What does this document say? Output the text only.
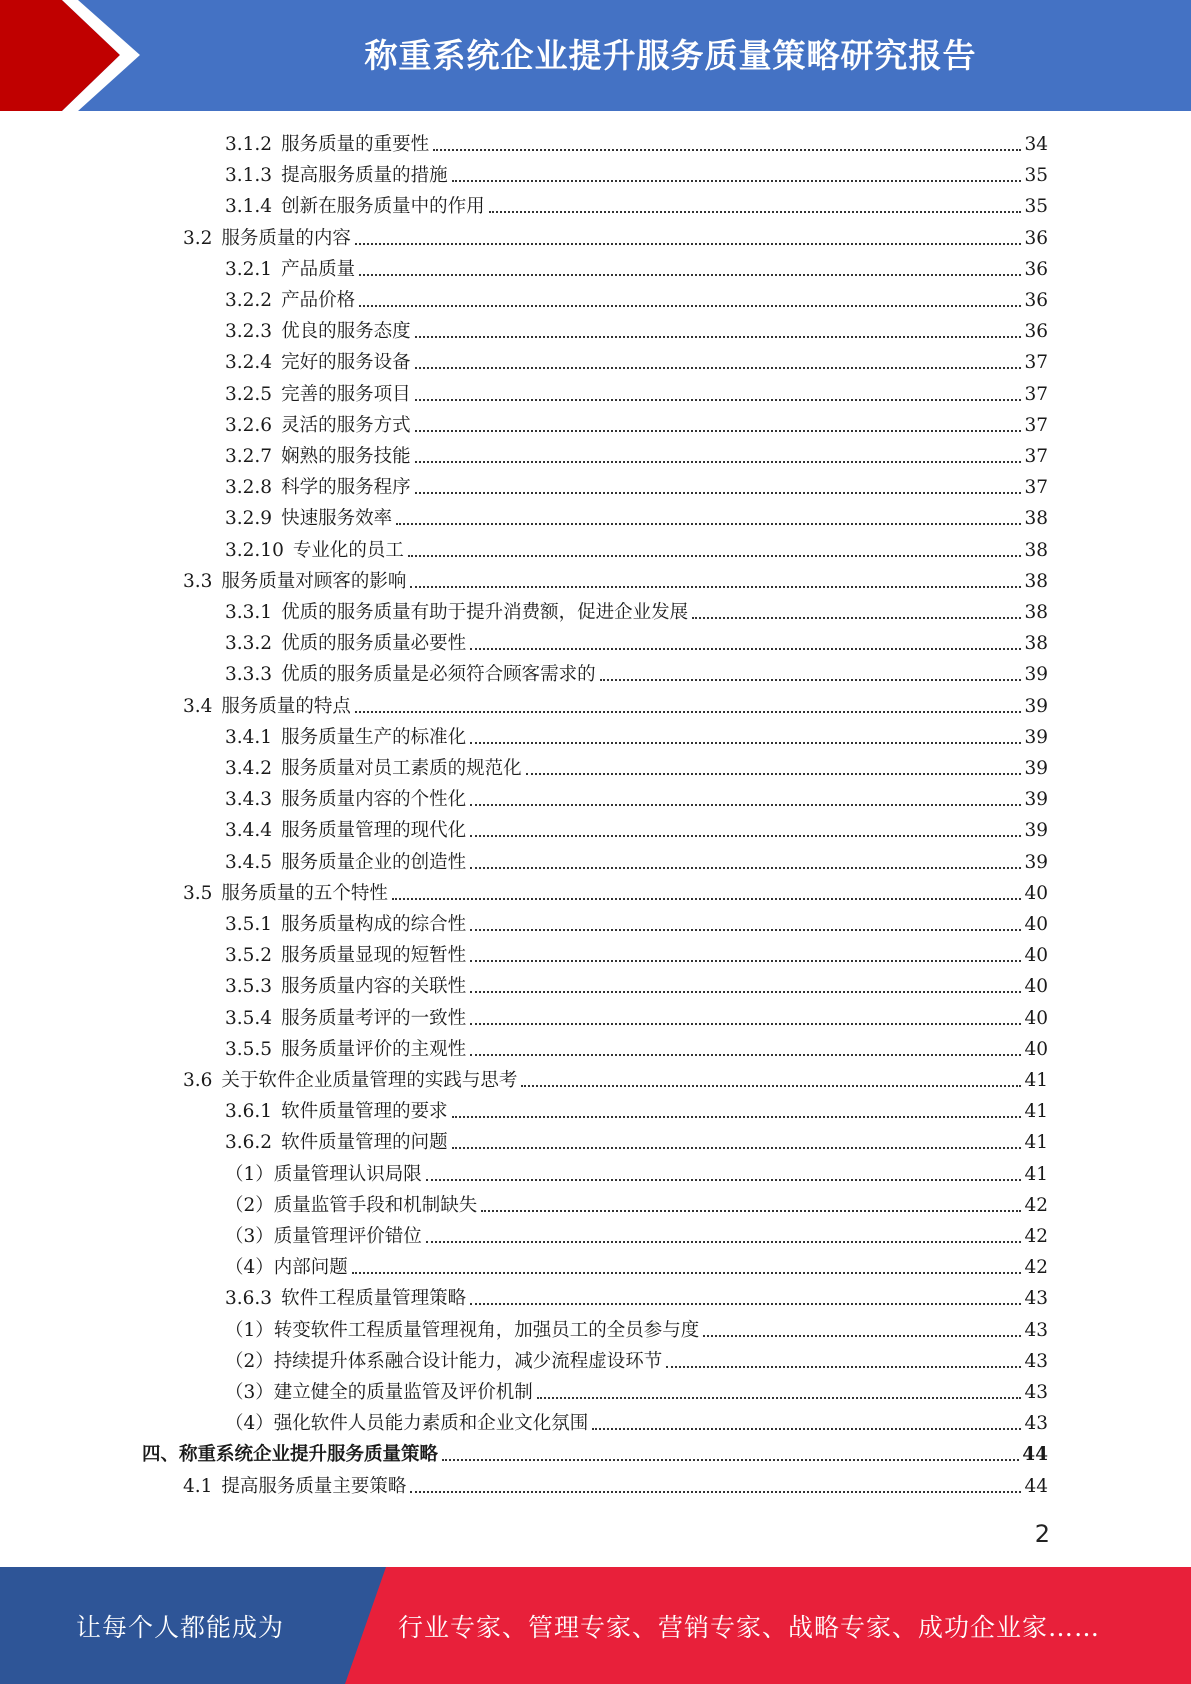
称重系统企业提升服务质量策略研究报告
3.1.2 服务质量的重要性	34
3.1.3 提高服务质量的措施	35
3.1.4 创新在服务质量中的作用	35
3.2 服务质量的内容	36
3.2.1 产品质量	36
3.2.2 产品价格	36
3.2.3 优良的服务态度	36
3.2.4 完好的服务设备	37
3.2.5 完善的服务项目	37
3.2.6 灵活的服务方式	37
3.2.7 娴熟的服务技能	37
3.2.8 科学的服务程序	37
3.2.9 快速服务效率	38
3.2.10 专业化的员工	38
3.3 服务质量对顾客的影响	38
3.3.1 优质的服务质量有助于提升消费额，促进企业发展	38
3.3.2 优质的服务质量必要性	38
3.3.3 优质的服务质量是必须符合顾客需求的	39
3.4 服务质量的特点	39
3.4.1 服务质量生产的标准化	39
3.4.2 服务质量对员工素质的规范化	39
3.4.3 服务质量内容的个性化	39
3.4.4 服务质量管理的现代化	39
3.4.5 服务质量企业的创造性	39
3.5 服务质量的五个特性	40
3.5.1 服务质量构成的综合性	40
3.5.2 服务质量显现的短暂性	40
3.5.3 服务质量内容的关联性	40
3.5.4 服务质量考评的一致性	40
3.5.5 服务质量评价的主观性	40
3.6 关于软件企业质量管理的实践与思考	41
3.6.1 软件质量管理的要求	41
3.6.2 软件质量管理的问题	41
（1）质量管理认识局限	41
（2）质量监管手段和机制缺失	42
（3）质量管理评价错位	42
（4）内部问题	42
3.6.3 软件工程质量管理策略	43
（1）转变软件工程质量管理视角，加强员工的全员参与度	43
（2）持续提升体系融合设计能力，减少流程虚设环节	43
（3）建立健全的质量监管及评价机制	43
（4）强化软件人员能力素质和企业文化氛围	43
四、称重系统企业提升服务质量策略	44
4.1 提高服务质量主要策略	44
2
让每个人都能成为	行业专家、管理专家、营销专家、战略专家、成功企业家……
